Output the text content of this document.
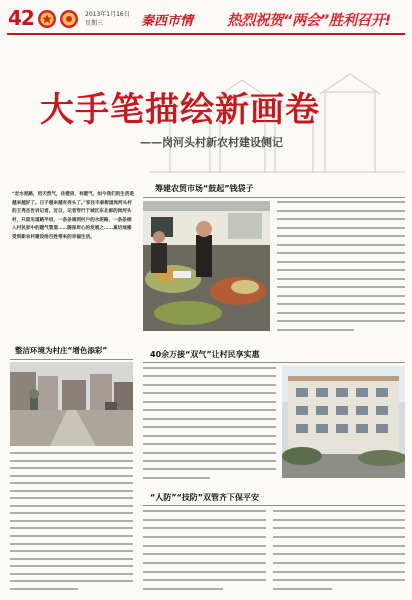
42	2013年1月16日
星期三	秦西市情 热烈祝贺“两会”胜利召开!
大手笔描绘新画卷
——岗河头村新农村建设侧记
“走水泥路，用天然气，住楼房，有暖气，如今我们的生活是越来越好了。日子越来越有奔头了。”家住丰泰街道岗河头村的王秀杰告诉记者。近日，记者穿行于城区东北部的岗河头村，只留见道路平坦，一条条通到村户的水泥路，一条条倾入村民家中的暖气管道……随保岸心的发展之……真切地感受到新农村建设给百姓带来的幸福生活。
筹建农贸市场“鼓起”钱袋子
整洁环境为村庄“增色添彩”	40余万接“双气”让村民享实惠
“人防”“技防”双管齐下保平安
